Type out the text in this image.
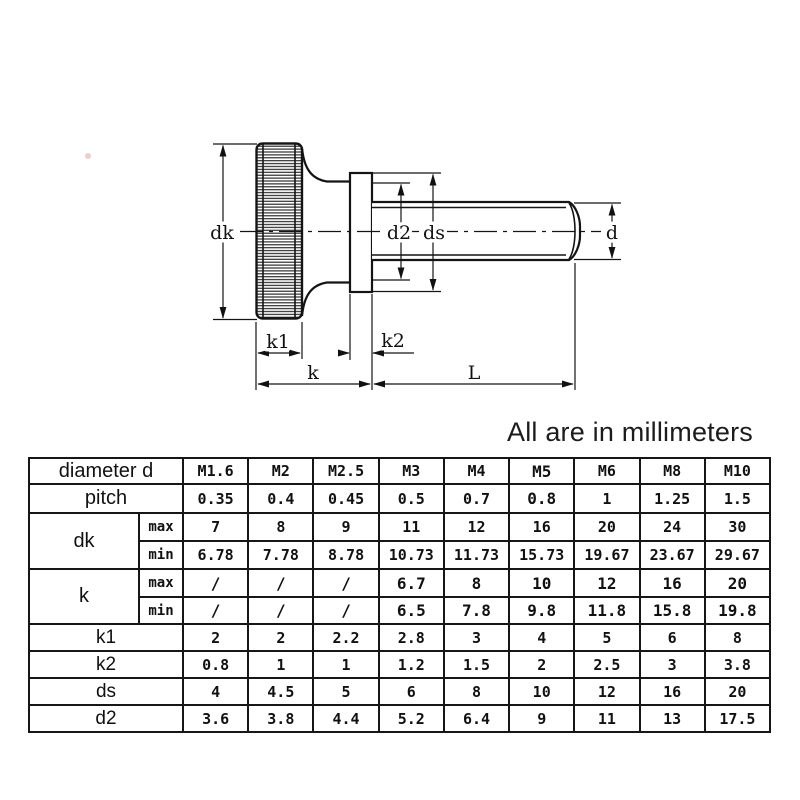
dk	d2 ds	d
k1	k2
k	L
All are in millimeters
diameter d		M1.6	M2	M2.5	M3	M4	M5	M6	M8	M10
pitch		0.35	0.4	0.45	0.5	0.7	0.8	1	1.25	1.5
dk	max	7	8	9	11	12	16	20	24	30
	min	6.78	7.78	8.78	10.73	11.73	15.73	19.67	23.67	29.67
k	max	/	/	/	6.7	8	10	12	16	20
	min	/	/	/	6.5	7.8	9.8	11.8	15.8	19.8
k1		2	2	2.2	2.8	3	4	5	6	8
k2		0.8	1	1	1.2	1.5	2	2.5	3	3.8
ds		4	4.5	5	6	8	10	12	16	20
d2		3.6	3.8	4.4	5.2	6.4	9	11	13	17.5
